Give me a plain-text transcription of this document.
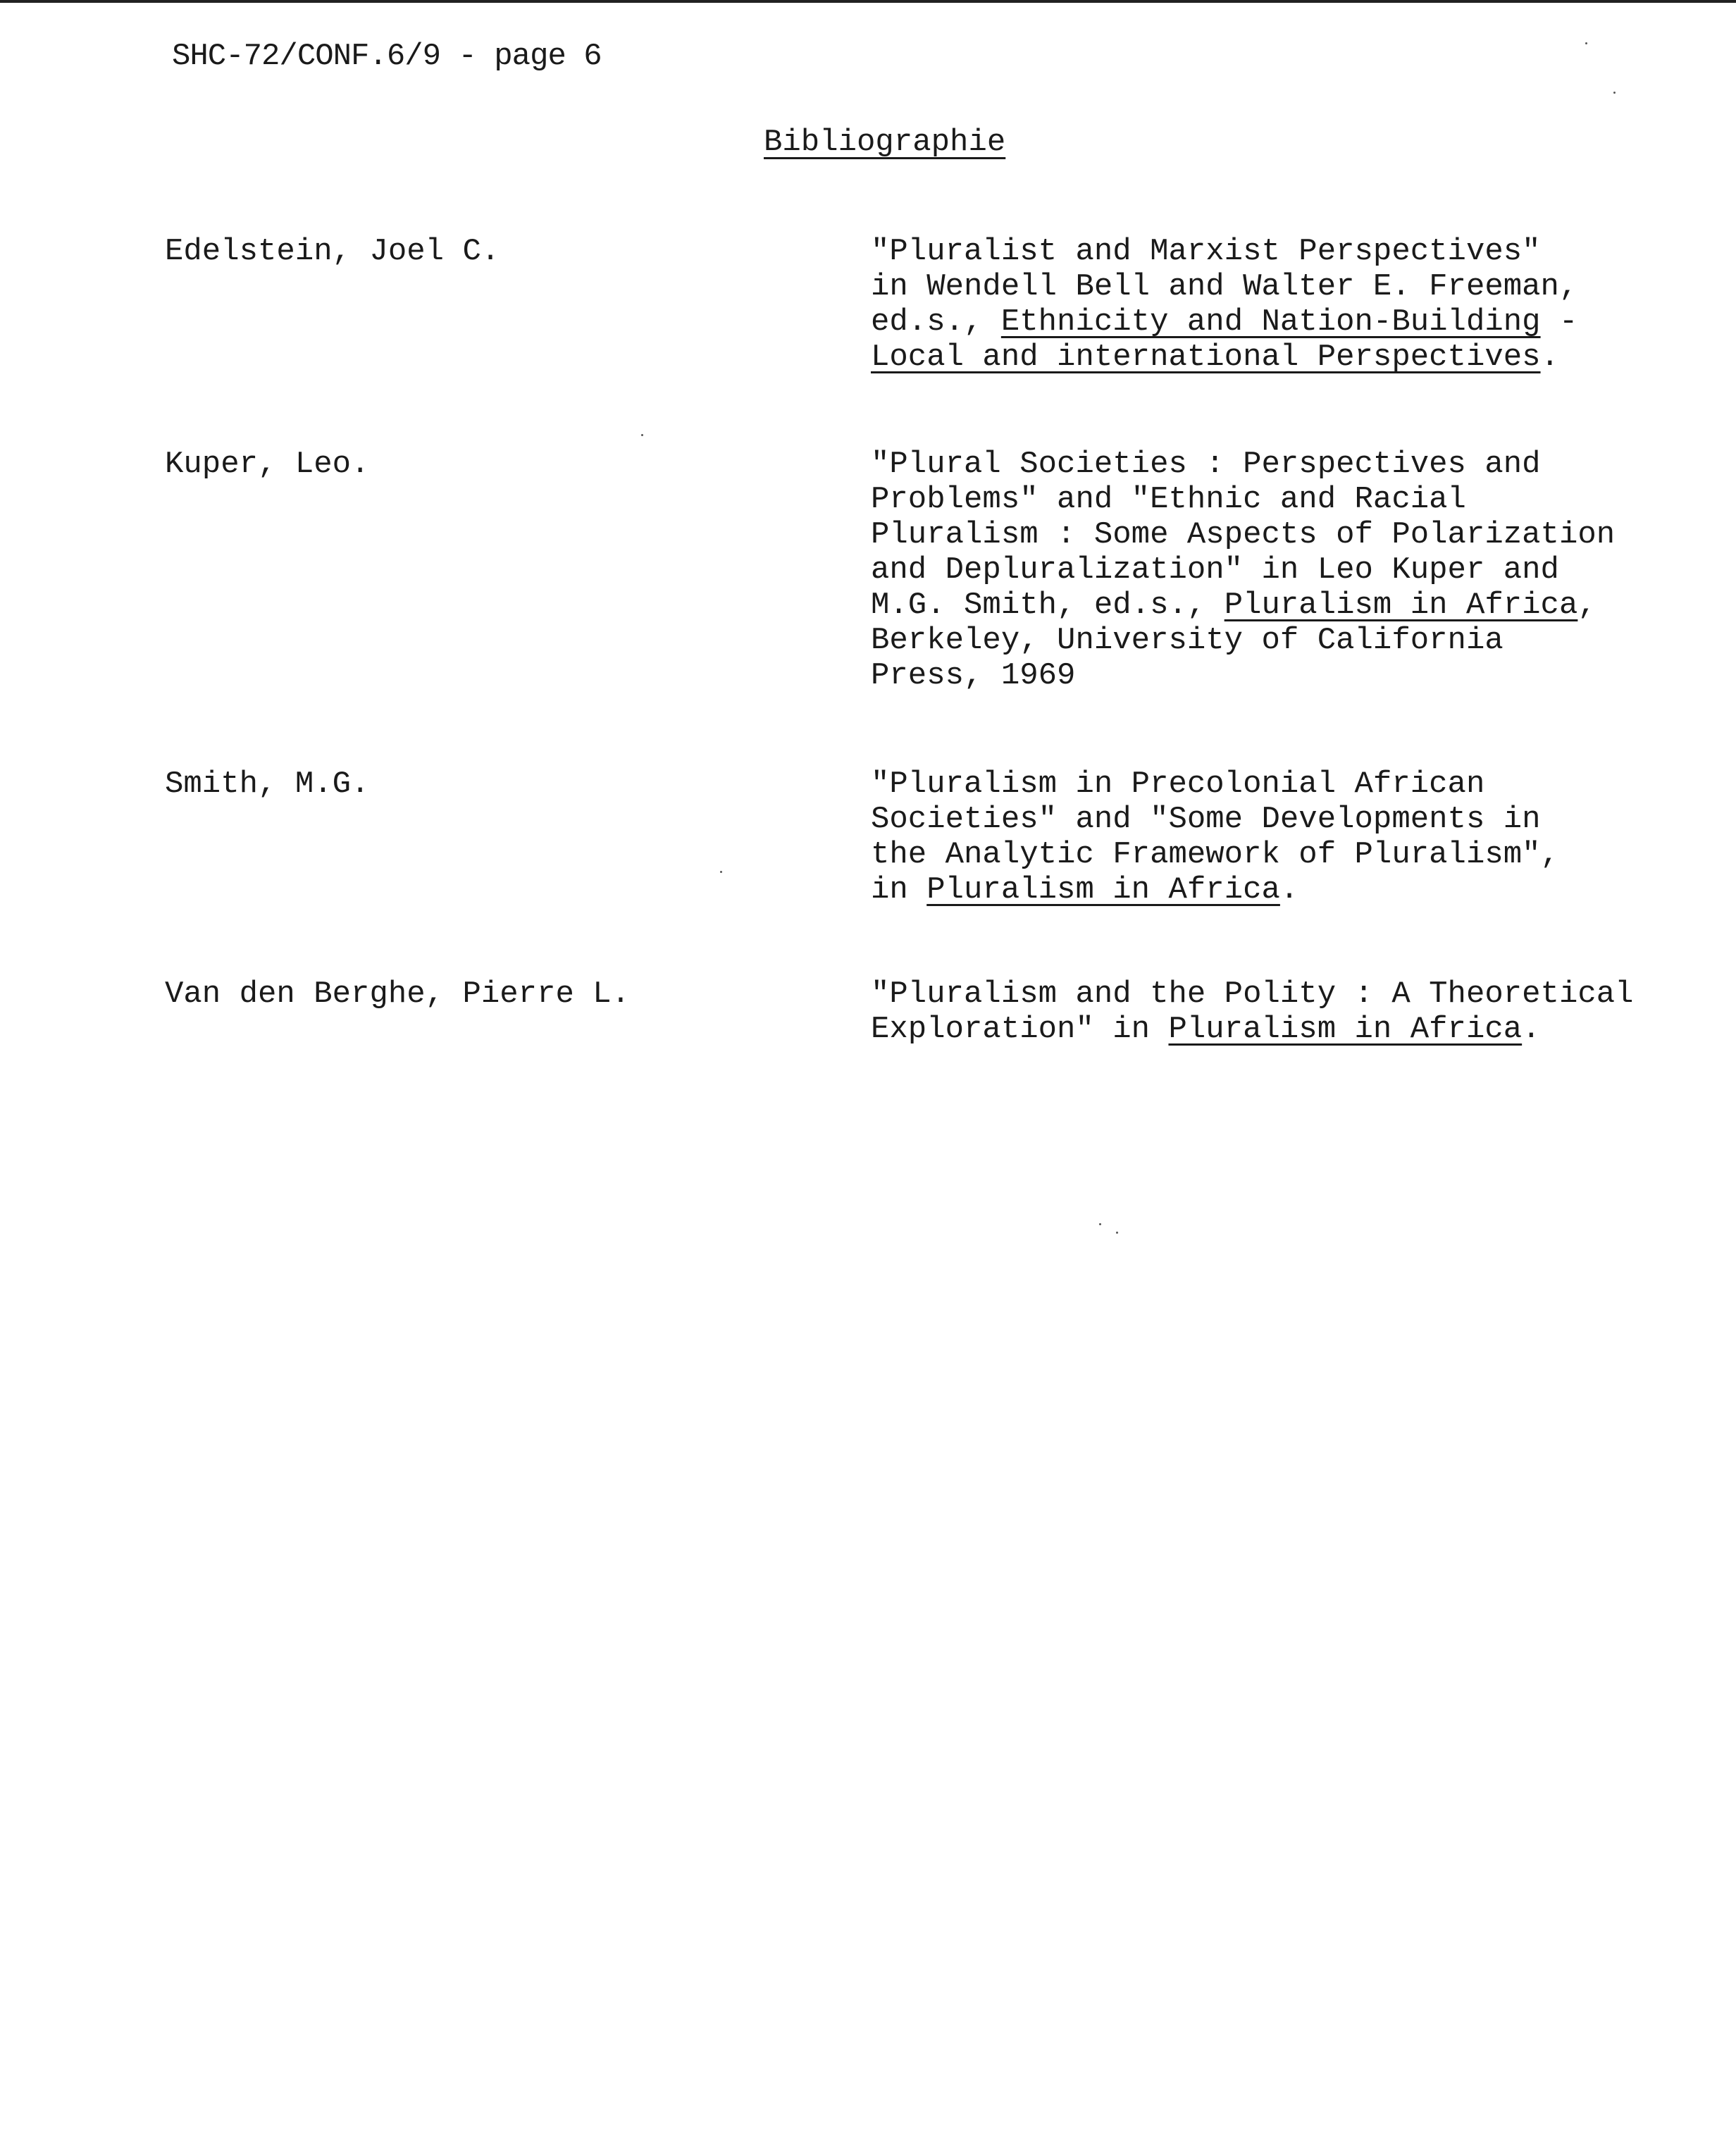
SHC-72/CONF.6/9 - page 6
Bibliographie
Edelstein, Joel C.	"Pluralist and Marxist Perspectives"
in Wendell Bell and Walter E. Freeman,
ed.s., Ethnicity and Nation-Building -
Local and international Perspectives.
Kuper, Leo.	"Plural Societies : Perspectives and
Problems" and "Ethnic and Racial
Pluralism : Some Aspects of Polarization
and Depluralization" in Leo Kuper and
M.G. Smith, ed.s., Pluralism in Africa,
Berkeley, University of California
Press, 1969
Smith, M.G.	"Pluralism in Precolonial African
Societies" and "Some Developments in
the Analytic Framework of Pluralism",
in Pluralism in Africa.
Van den Berghe, Pierre L.	"Pluralism and the Polity : A Theoretical
Exploration" in Pluralism in Africa.
